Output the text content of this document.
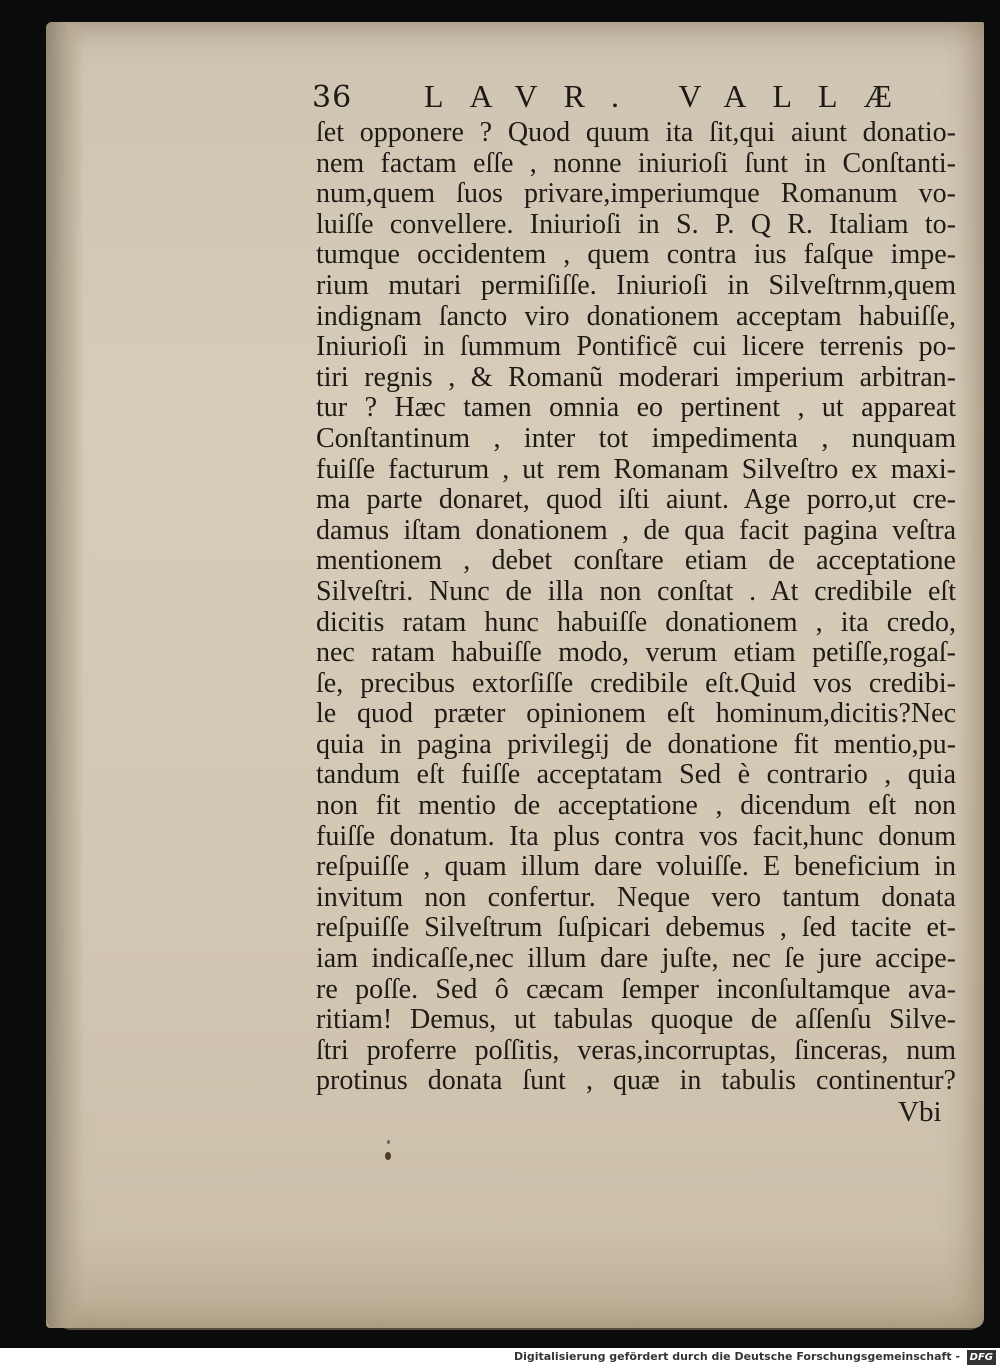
36 LAVR. VALLÆ
ſet opponere ? Quod quum ita ſit,qui aiunt donatio-
nem factam eſſe , nonne iniurioſi ſunt in Conſtanti-
num,quem ſuos privare,imperiumque Romanum vo-
luiſſe convellere. Iniurioſi in S. P. Q R. Italiam to-
tumque occidentem , quem contra ius faſque impe-
rium mutari permiſiſſe. Iniurioſi in Silveſtrnm,quem
indignam ſancto viro donationem acceptam habuiſſe,
Iniurioſi in ſummum Pontificẽ cui licere terrenis po-
tiri regnis , & Romanũ moderari imperium arbitran-
tur ? Hæc tamen omnia eo pertinent , ut appareat
Conſtantinum , inter tot impedimenta , nunquam
fuiſſe facturum , ut rem Romanam Silveſtro ex maxi-
ma parte donaret, quod iſti aiunt. Age porro,ut cre-
damus iſtam donationem , de qua facit pagina veſtra
mentionem , debet conſtare etiam de acceptatione
Silveſtri. Nunc de illa non conſtat . At credibile eſt
dicitis ratam hunc habuiſſe donationem , ita credo,
nec ratam habuiſſe modo, verum etiam petiſſe,rogaſ-
ſe, precibus extorſiſſe credibile eſt.Quid vos credibi-
le quod præter opinionem eſt hominum,dicitis?Nec
quia in pagina privilegij de donatione fit mentio,pu-
tandum eſt fuiſſe acceptatam Sed è contrario , quia
non fit mentio de acceptatione , dicendum eſt non
fuiſſe donatum. Ita plus contra vos facit,hunc donum
reſpuiſſe , quam illum dare voluiſſe. E beneficium in
invitum non confertur. Neque vero tantum donata
reſpuiſſe Silveſtrum ſuſpicari debemus , ſed tacite et-
iam indicaſſe,nec illum dare juſte, nec ſe jure accipe-
re poſſe. Sed ô cæcam ſemper inconſultamque ava-
ritiam! Demus, ut tabulas quoque de aſſenſu Silve-
ſtri proferre poſſitis, veras,incorruptas, ſinceras, num
protinus donata ſunt , quæ in tabulis continentur?
Vbi
Digitalisierung gefördert durch die Deutsche Forschungsgemeinschaft - DFG
